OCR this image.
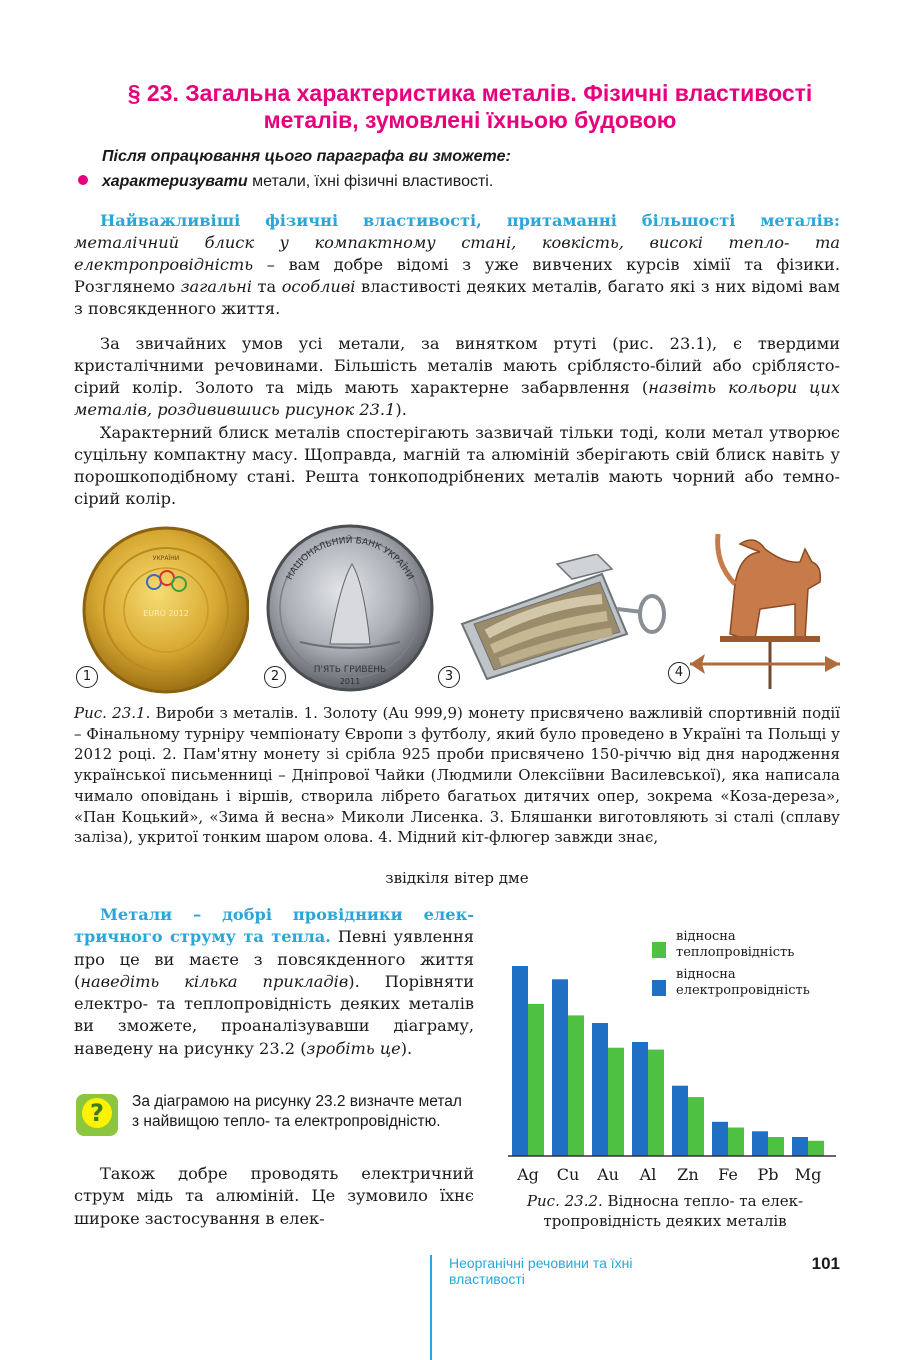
§ 23. Загальна характеристика металів. Фізичні властивості
металів, зумовлені їхньою будовою
Після опрацювання цього параграфа ви зможете:
характеризувати метали, їхні фізичні властивості.
Найважливіші фізичні властивості, притаманні більшості металів: металічний блиск у компактному стані, ковкість, високі тепло- та електропровідність – вам добре відомі з уже вивчених курсів хімії та фізики. Розглянемо загальні та особливі властивості деяких металів, багато які з них відомі вам з повсякденного життя.
За звичайних умов усі метали, за винятком ртуті (рис. 23.1), є твердими кристалічними речовинами. Більшість металів мають сріблясто-білий або сріблясто-сірий колір. Золото та мідь мають характерне забарвлення (назвіть кольори цих металів, роздивившись рисунок 23.1).
Характерний блиск металів спостерігають зазвичай тільки тоді, коли метал утворює суцільну компактну масу. Щоправда, магній та алюміній зберігають свій блиск навіть у порошкоподібному стані. Решта тонкоподрібнених металів мають чорний або темно-сірий колір.
УКРАЇНИ
EURO 2012
НАЦІОНАЛЬНИЙ БАНК УКРАЇНИ
П'ЯТЬ ГРИВЕНЬ
2011
1	2	3	4
Рис. 23.1. Вироби з металів. 1. Золоту (Au 999,9) монету присвячено важливій спортивній події – Фінальному турніру чемпіонату Європи з футболу, який було проведено в Україні та Польщі у 2012 році. 2. Пам'ятну монету зі срібла 925 проби присвячено 150-річчю від дня народження української письменниці – Дніпрової Чайки (Людмили Олексіївни Василевської), яка написала чимало оповідань і віршів, створила лібрето багатьох дитячих опер, зокрема «Коза-дереза», «Пан Коцький», «Зима й весна» Миколи Лисенка. 3. Бляшанки виготовляють зі сталі (сплаву заліза), укритої тонким шаром олова. 4. Мідний кіт-флюгер завжди знає,
звідкіля вітер дме
Метали – добрі провідники електричного струму та тепла. Певні уявлення про це ви маєте з повсякденного життя (наведіть кілька прикладів). Порівняти електро- та теплопровідність деяких металів ви зможете, проаналізувавши діаграму, наведену на рисунку 23.2 (зробіть це).
?	За діаграмою на рисунку 23.2 визначте метал з найвищою тепло- та електропровідністю.
Також добре проводять електричний струм мідь та алюміній. Це зумовило їхнє широке застосування в елек-
відносна
теплопровідність
відносна
електропровідність
Ag Cu Au Al Zn Fe Pb Mg
Рис. 23.2. Відносна тепло- та електропровідність деяких металів
Неорганічні речовини та їхні властивості
101
